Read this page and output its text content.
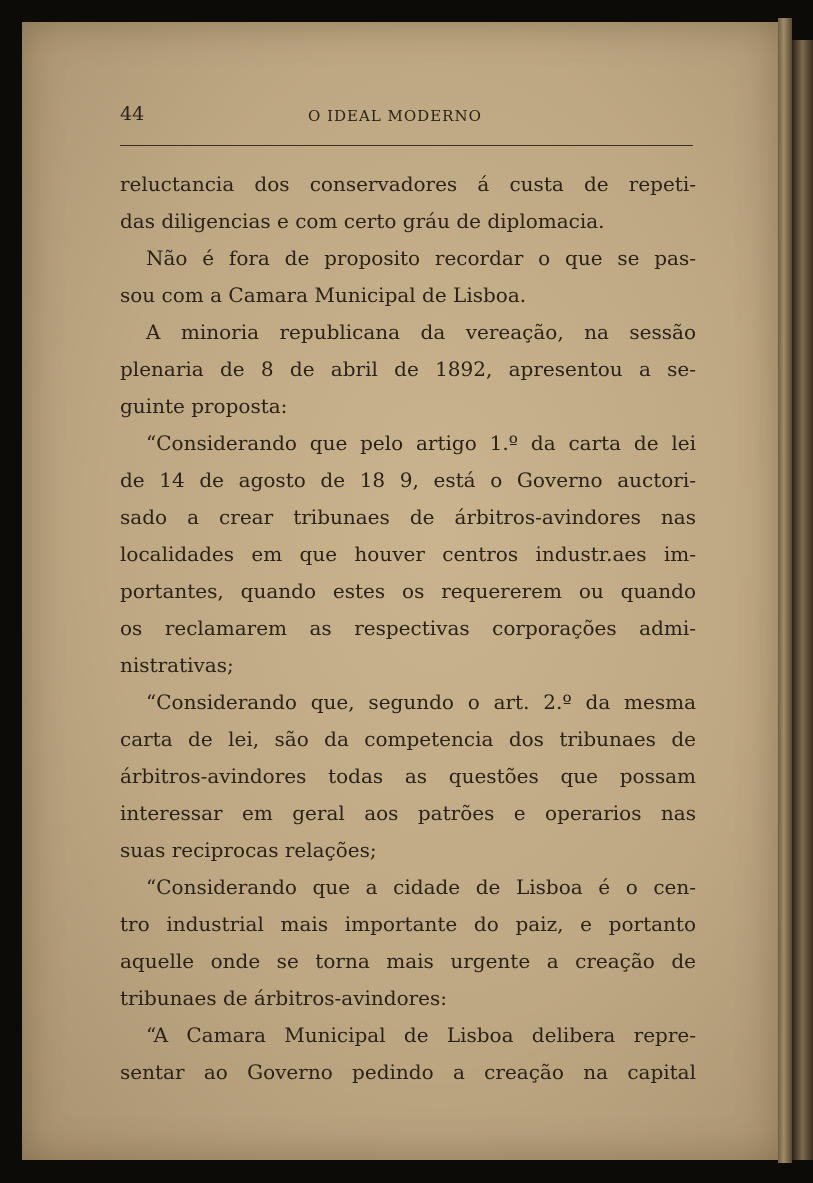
44	O IDEAL MODERNO
reluctancia dos conservadores á custa de repeti-
das diligencias e com certo gráu de diplomacia.
Não é fora de proposito recordar o que se pas-
sou com a Camara Municipal de Lisboa.
A minoria republicana da vereação, na sessão
plenaria de 8 de abril de 1892, apresentou a se-
guinte proposta:
“Considerando que pelo artigo 1.º da carta de lei
de 14 de agosto de 18 9, está o Governo auctori-
sado a crear tribunaes de árbitros-avindores nas
localidades em que houver centros industr.aes im-
portantes, quando estes os requererem ou quando
os reclamarem as respectivas corporações admi-
nistrativas;
“Considerando que, segundo o art. 2.º da mesma
carta de lei, são da competencia dos tribunaes de
árbitros-avindores todas as questões que possam
interessar em geral aos patrões e operarios nas
suas reciprocas relações;
“Considerando que a cidade de Lisboa é o cen-
tro industrial mais importante do paiz, e portanto
aquelle onde se torna mais urgente a creação de
tribunaes de árbitros-avindores:
“A Camara Municipal de Lisboa delibera repre-
sentar ao Governo pedindo a creação na capital
